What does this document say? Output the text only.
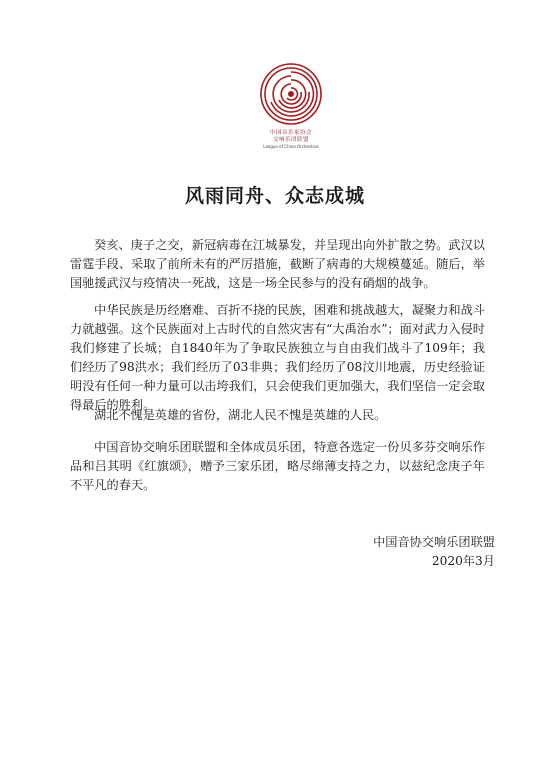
中国音乐家协会
交响乐团联盟
League of China Orchestras
风雨同舟、众志成城

癸亥、庚子之交，新冠病毒在江城暴发，并呈现出向外扩散之势。武汉以雷霆手段、采取了前所未有的严厉措施，截断了病毒的大规模蔓延。随后，举国驰援武汉与疫情决一死战，这是一场全民参与的没有硝烟的战争。

中华民族是历经磨难、百折不挠的民族，困难和挑战越大，凝聚力和战斗力就越强。这个民族面对上古时代的自然灾害有“大禹治水”；面对武力入侵时我们修建了长城；自1840年为了争取民族独立与自由我们战斗了109年；我们经历了98洪水；我们经历了03非典；我们经历了08汶川地震，历史经验证明没有任何一种力量可以击垮我们，只会使我们更加强大，我们坚信一定会取得最后的胜利。

湖北不愧是英雄的省份，湖北人民不愧是英雄的人民。

中国音协交响乐团联盟和全体成员乐团，特意各选定一份贝多芬交响乐作品和吕其明《红旗颂》，赠予三家乐团，略尽绵薄支持之力，以兹纪念庚子年不平凡的春天。

中国音协交响乐团联盟

2020年3月
